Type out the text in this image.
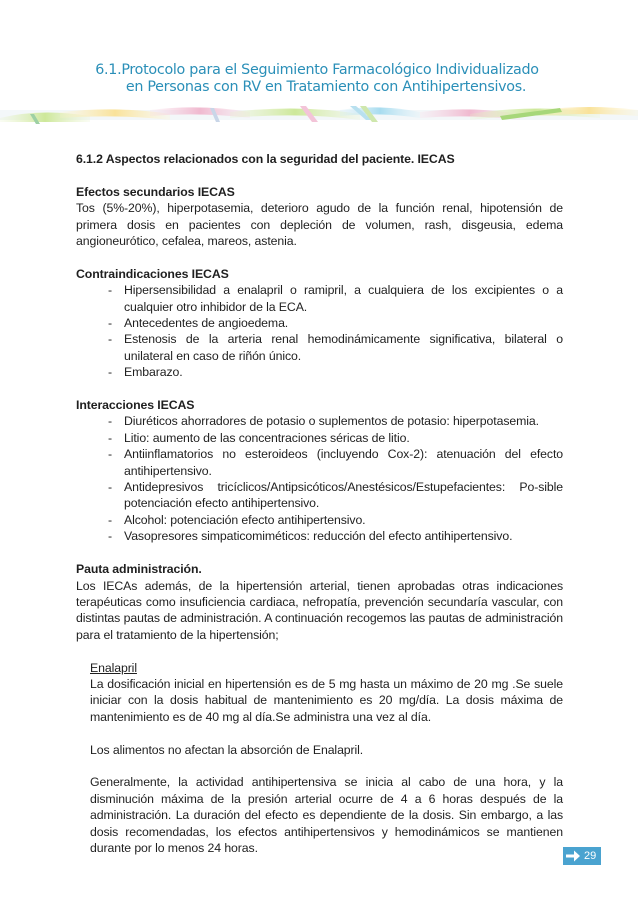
6.1.Protocolo para el Seguimiento Farmacológico Individualizado
en Personas con RV en Tratamiento con Antihipertensivos.

6.1.2 Aspectos relacionados con la seguridad del paciente. IECAS

Efectos secundarios IECAS

Tos (5%-20%), hiperpotasemia, deterioro agudo de la función renal, hipotensión de primera dosis en pacientes con depleción de volumen, rash, disgeusia, edema angioneurótico, cefalea, mareos, astenia.

Contraindicaciones IECAS

- Hipersensibilidad a enalapril o ramipril, a cualquiera de los excipientes o a cualquier otro inhibidor de la ECA.
- Antecedentes de angioedema.
- Estenosis de la arteria renal hemodinámicamente significativa, bilateral o unilateral en caso de riñón único.
- Embarazo.

Interacciones IECAS

- Diuréticos ahorradores de potasio o suplementos de potasio: hiperpotasemia.
- Litio: aumento de las concentraciones séricas de litio.
- Antiinflamatorios no esteroideos (incluyendo Cox-2): atenuación del efecto antihipertensivo.
- Antidepresivos tricíclicos/Antipsicóticos/Anestésicos/Estupefacientes: Po-sible potenciación efecto antihipertensivo.
- Alcohol: potenciación efecto antihipertensivo.
- Vasopresores simpaticomiméticos: reducción del efecto antihipertensivo.

Pauta administración.

Los IECAs además, de la hipertensión arterial, tienen aprobadas otras indicaciones terapéuticas como insuficiencia cardiaca, nefropatía, prevención secundaría vascular, con distintas pautas de administración. A continuación recogemos las pautas de administración para el tratamiento de la hipertensión;

Enalapril

La dosificación inicial en hipertensión es de 5 mg hasta un máximo de 20 mg .Se suele iniciar con la dosis habitual de mantenimiento es 20 mg/día. La dosis máxima de mantenimiento es de 40 mg al día.Se administra una vez al día.

Los alimentos no afectan la absorción de Enalapril.

Generalmente, la actividad antihipertensiva se inicia al cabo de una hora, y la disminución máxima de la presión arterial ocurre de 4 a 6 horas después de la administración. La duración del efecto es dependiente de la dosis. Sin embargo, a las dosis recomendadas, los efectos antihipertensivos y hemodinámicos se mantienen durante por lo menos 24 horas.

29
